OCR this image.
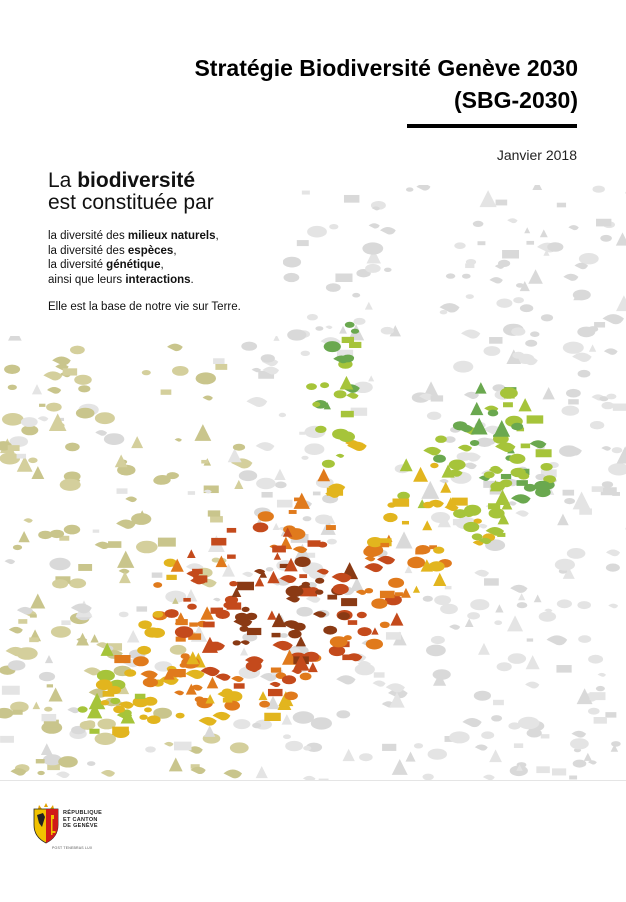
Stratégie Biodiversité Genève 2030
(SBG-2030)
Janvier 2018
La biodiversité
est constituée par
la diversité des milieux naturels,
la diversité des espèces,
la diversité génétique,
ainsi que leurs interactions.
Elle est la base de notre vie sur Terre.
RÉPUBLIQUE
ET CANTON
DE GENÈVE
POST TENEBRAS LUX
